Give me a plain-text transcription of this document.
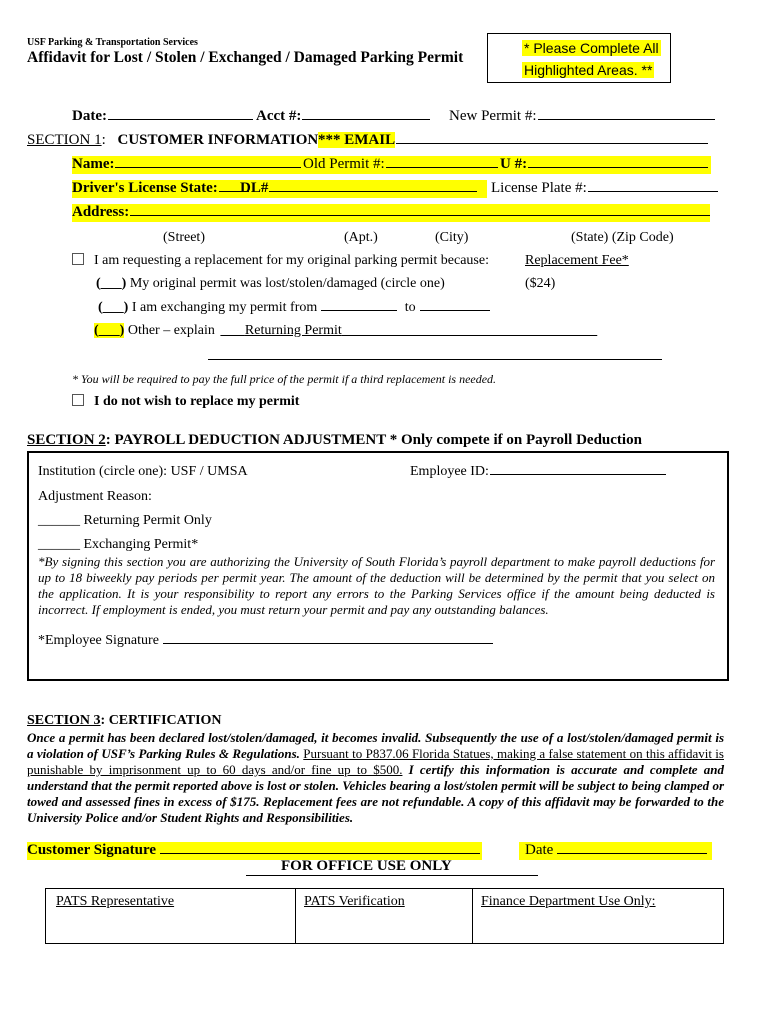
USF Parking & Transportation Services
Affidavit for Lost / Stolen / Exchanged / Damaged Parking Permit
* Please Complete All
Highlighted Areas. **
Date:	Acct #:	New Permit #:
SECTION 1: CUSTOMER INFORMATION *** EMAIL
Name:	Old Permit #:	U #:
Driver's License State:	DL#	License Plate #:
Address:
(Street)	(Apt.)	(City)	(State) (Zip Code)
I am requesting a replacement for my original parking permit because:	Replacement Fee*
(___) My original permit was lost/stolen/damaged (circle one)	($24)
(___) I am exchanging my permit from	to
(___) Other – explain Returning Permit
* You will be required to pay the full price of the permit if a third replacement is needed.
I do not wish to replace my permit
SECTION 2: PAYROLL DEDUCTION ADJUSTMENT * Only compete if on Payroll Deduction
Institution (circle one): USF / UMSA	Employee ID:
Adjustment Reason:
______ Returning Permit Only
______ Exchanging Permit*
*By signing this section you are authorizing the University of South Florida’s payroll department to make payroll deductions for up to 18 biweekly pay periods per permit year. The amount of the deduction will be determined by the permit that you select on the application. It is your responsibility to report any errors to the Parking Services office if the amount being deducted is incorrect. If employment is ended, you must return your permit and pay any outstanding balances.
*Employee Signature
SECTION 3: CERTIFICATION
Once a permit has been declared lost/stolen/damaged, it becomes invalid. Subsequently the use of a lost/stolen/damaged permit is a violation of USF’s Parking Rules & Regulations. Pursuant to P837.06 Florida Statues, making a false statement on this affidavit is punishable by imprisonment up to 60 days and/or fine up to $500. I certify this information is accurate and complete and understand that the permit reported above is lost or stolen. Vehicles bearing a lost/stolen permit will be subject to being clamped or towed and assessed fines in excess of $175. Replacement fees are not refundable. A copy of this affidavit may be forwarded to the University Police and/or Student Rights and Responsibilities.
Customer Signature	Date
FOR OFFICE USE ONLY
PATS Representative	PATS Verification	Finance Department Use Only:
